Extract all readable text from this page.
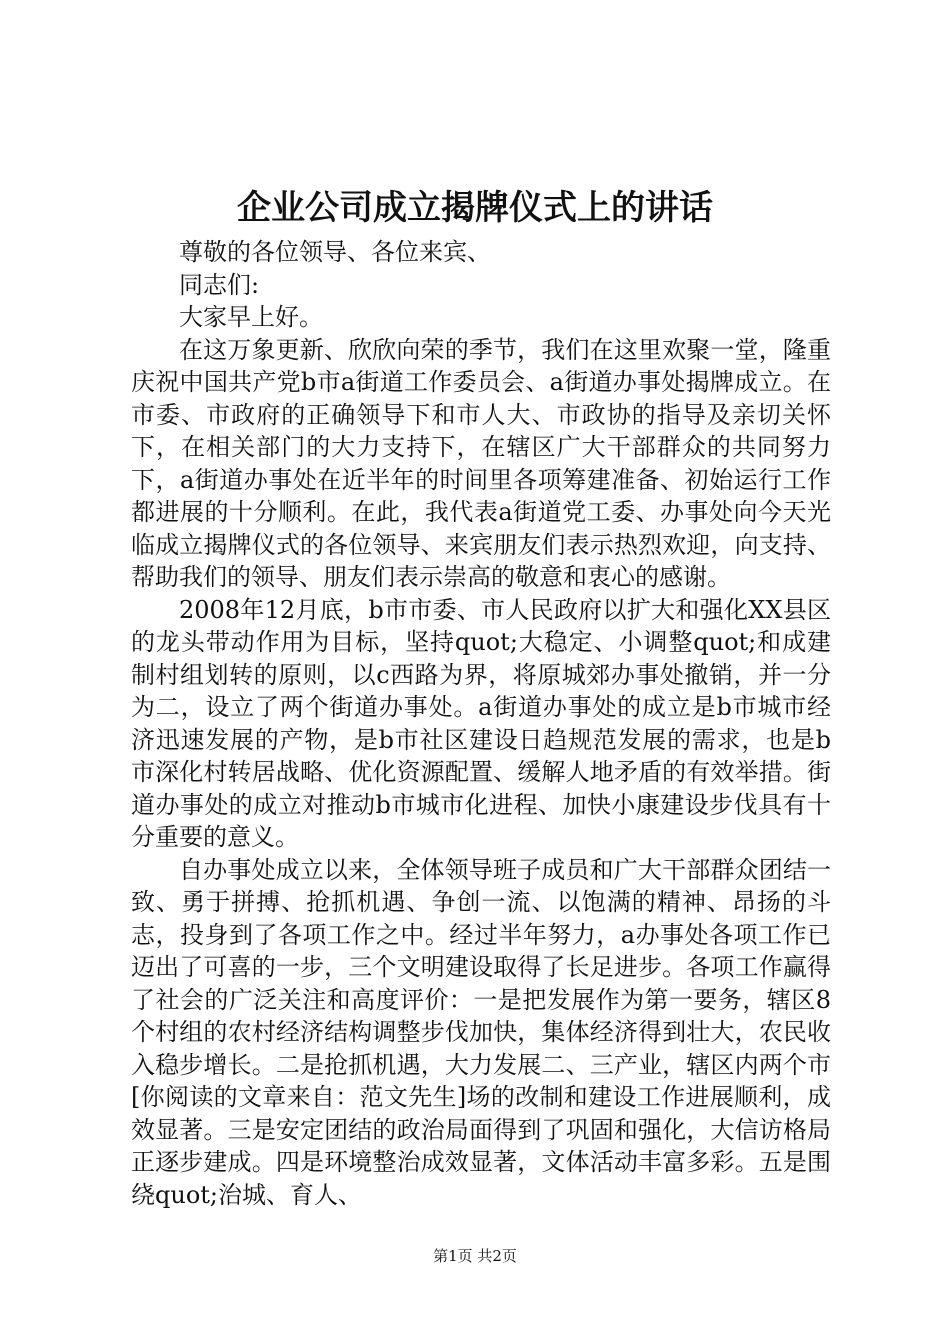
企业公司成立揭牌仪式上的讲话

尊敬的各位领导、各位来宾、

同志们:

大家早上好。

在这万象更新、欣欣向荣的季节，我们在这里欢聚一堂，隆重庆祝中国共产党b市a街道工作委员会、a街道办事处揭牌成立。在市委、市政府的正确领导下和市人大、市政协的指导及亲切关怀下，在相关部门的大力支持下，在辖区广大干部群众的共同努力下，a街道办事处在近半年的时间里各项筹建准备、初始运行工作都进展的十分顺利。在此，我代表a街道党工委、办事处向今天光临成立揭牌仪式的各位领导、来宾朋友们表示热烈欢迎，向支持、帮助我们的领导、朋友们表示崇高的敬意和衷心的感谢。

2008年12月底，b市市委、市人民政府以扩大和强化XX县区的龙头带动作用为目标，坚持quot;大稳定、小调整quot;和成建制村组划转的原则，以c西路为界，将原城郊办事处撤销，并一分为二，设立了两个街道办事处。a街道办事处的成立是b市城市经济迅速发展的产物，是b市社区建设日趋规范发展的需求，也是b市深化村转居战略、优化资源配置、缓解人地矛盾的有效举措。街道办事处的成立对推动b市城市化进程、加快小康建设步伐具有十分重要的意义。

自办事处成立以来，全体领导班子成员和广大干部群众团结一致、勇于拼搏、抢抓机遇、争创一流、以饱满的精神、昂扬的斗志，投身到了各项工作之中。经过半年努力，a办事处各项工作已迈出了可喜的一步，三个文明建设取得了长足进步。各项工作赢得了社会的广泛关注和高度评价：一是把发展作为第一要务，辖区8个村组的农村经济结构调整步伐加快，集体经济得到壮大，农民收入稳步增长。二是抢抓机遇，大力发展二、三产业，辖区内两个市[你阅读的文章来自：范文先生]场的改制和建设工作进展顺利，成效显著。三是安定团结的政治局面得到了巩固和强化，大信访格局正逐步建成。四是环境整治成效显著，文体活动丰富多彩。五是围绕quot;治城、育人、

第1页 共2页
